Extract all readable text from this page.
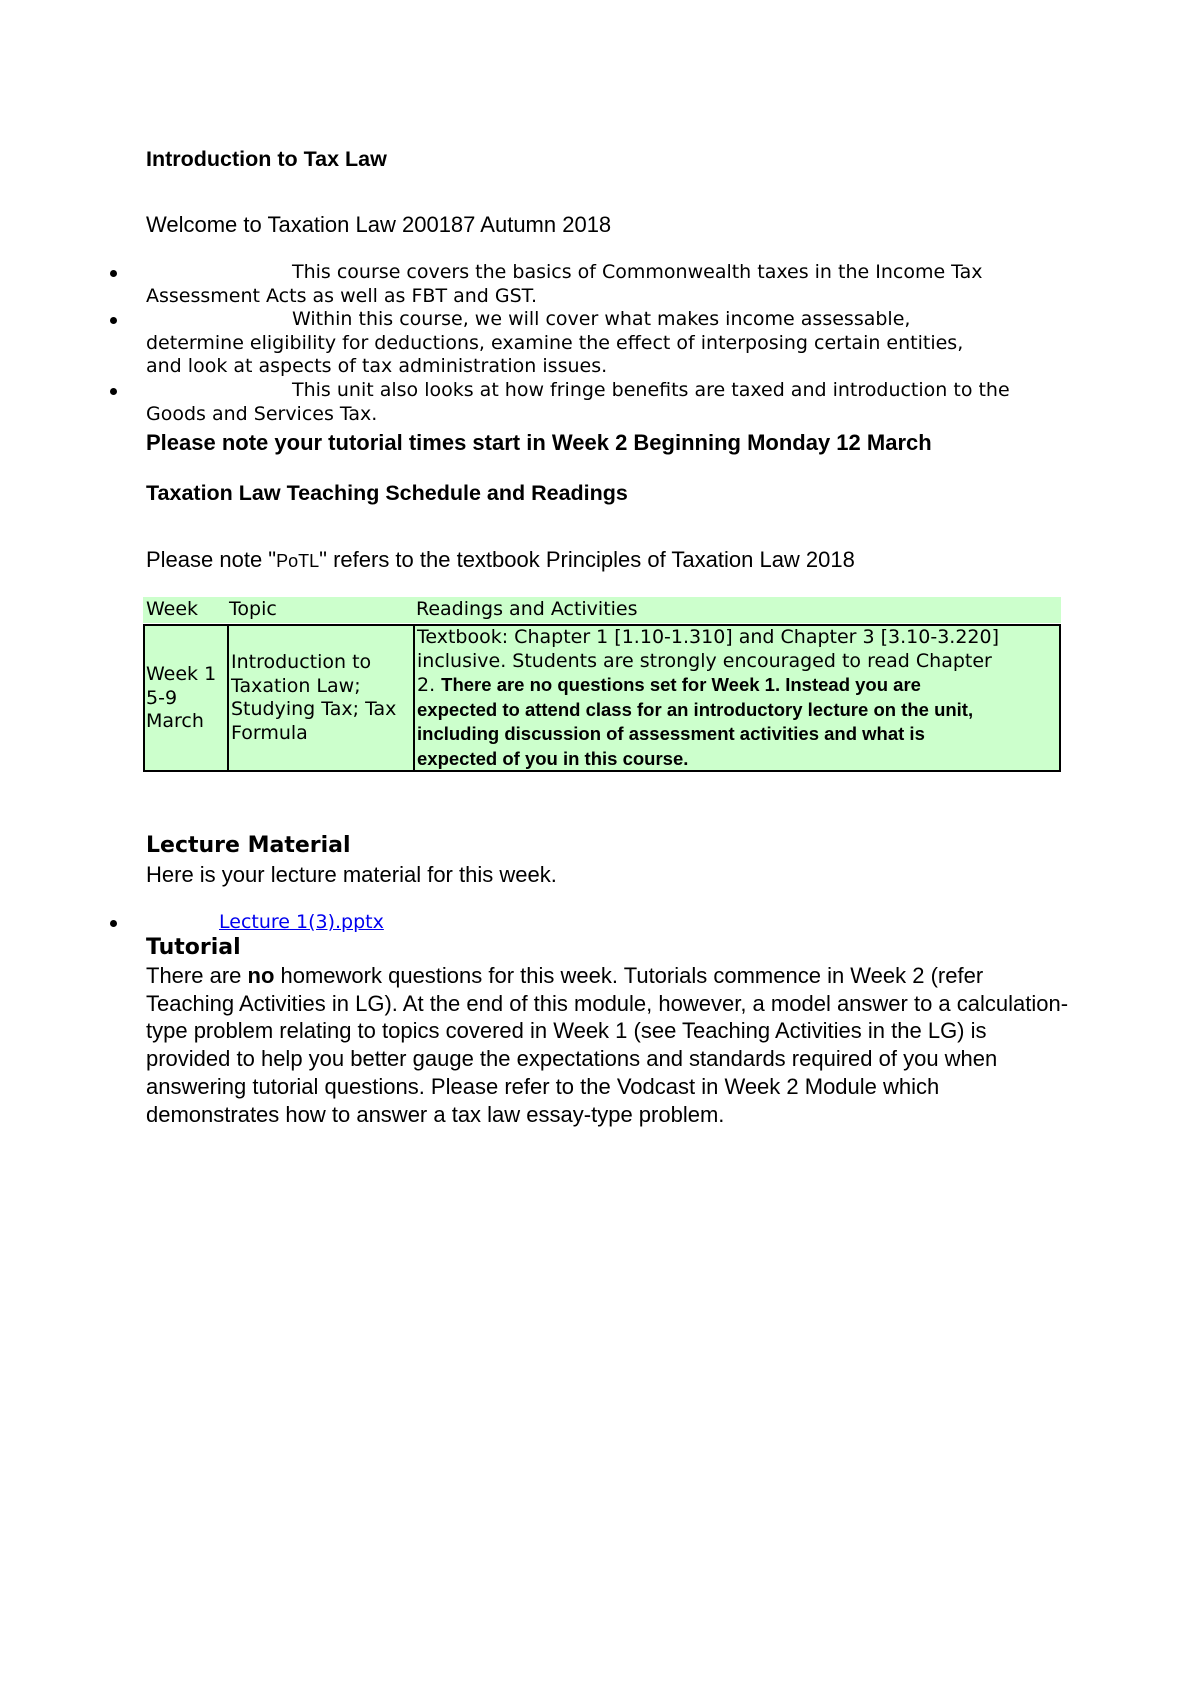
Introduction to Tax Law
Welcome to Taxation Law 200187 Autumn 2018
This course covers the basics of Commonwealth taxes in the Income Tax
Assessment Acts as well as FBT and GST.
Within this course, we will cover what makes income assessable,
determine eligibility for deductions, examine the effect of interposing certain entities,
and look at aspects of tax administration issues.
This unit also looks at how fringe benefits are taxed and introduction to the
Goods and Services Tax.
Please note your tutorial times start in Week 2 Beginning Monday 12 March
Taxation Law Teaching Schedule and Readings
Please note "PoTL" refers to the textbook Principles of Taxation Law 2018
Week Topic	Readings and Activities
Week 1
5-9
March
Introduction to
Taxation Law;
Studying Tax; Tax
Formula
Textbook: Chapter 1 [1.10-1.310] and Chapter 3 [3.10-3.220]
inclusive. Students are strongly encouraged to read Chapter
2. There are no questions set for Week 1. Instead you are
expected to attend class for an introductory lecture on the unit,
including discussion of assessment activities and what is
expected of you in this course.
Lecture Material
Here is your lecture material for this week.
Lecture 1(3).pptx
Tutorial
There are no homework questions for this week. Tutorials commence in Week 2 (refer Teaching Activities in LG). At the end of this module, however, a model answer to a calculation-type problem relating to topics covered in Week 1 (see Teaching Activities in the LG) is provided to help you better gauge the expectations and standards required of you when answering tutorial questions. Please refer to the Vodcast in Week 2 Module which demonstrates how to answer a tax law essay-type problem.
